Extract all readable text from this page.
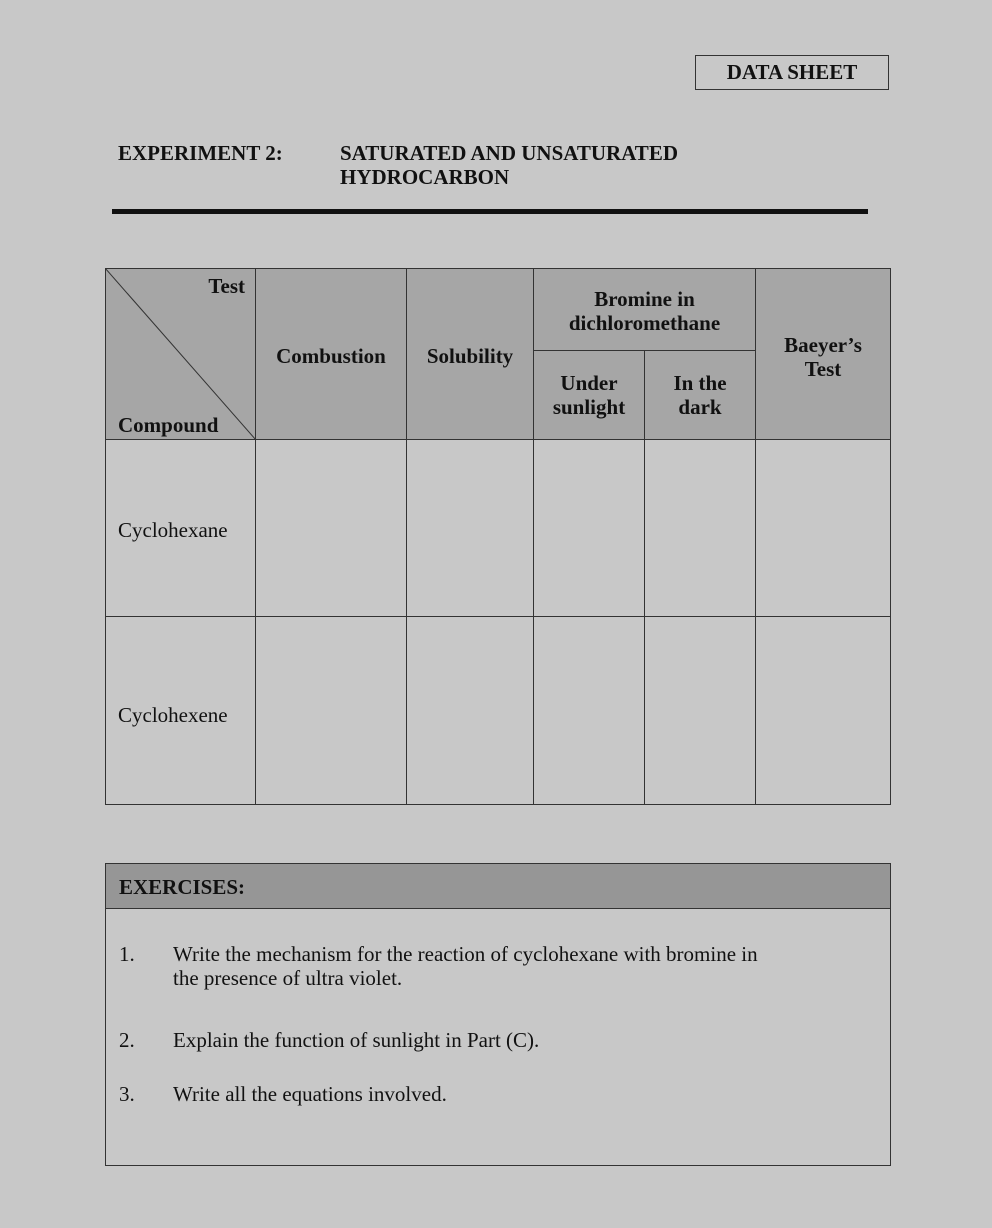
DATA SHEET
EXPERIMENT 2:	SATURATED AND UNSATURATED
HYDROCARBON
Test
Compound
Combustion	Solubility
Bromine in
dichloromethane
Under
sunlight
In the
dark
Baeyer’s
Test
Cyclohexane
Cyclohexene
EXERCISES:
1. Write the mechanism for the reaction of cyclohexane with bromine in
the presence of ultra violet.
2. Explain the function of sunlight in Part (C).
3. Write all the equations involved.
